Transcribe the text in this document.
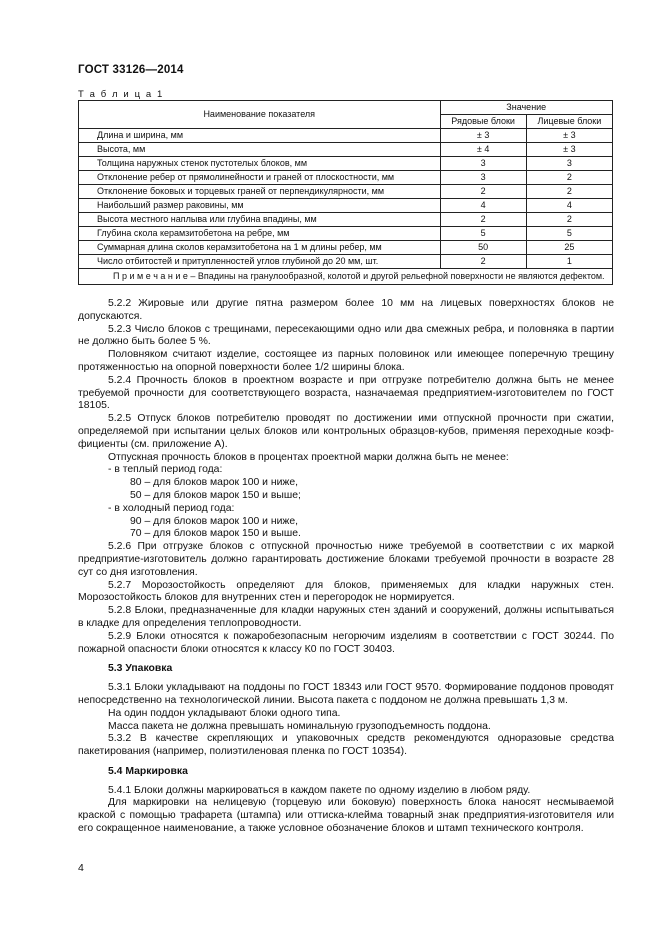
ГОСТ 33126—2014
Т а б л и ц а 1
Наименование показателя	Значение	
	Рядовые блоки	Лицевые блоки
Длина и ширина, мм	± 3	± 3
Высота, мм	± 4	± 3
Толщина наружных стенок пустотелых блоков, мм	3	3
Отклонение ребер от прямолинейности и граней от плоскостности, мм	3	2
Отклонение боковых и торцевых граней от перпендикулярности, мм	2	2
Наибольший размер раковины, мм	4	4
Высота местного наплыва или глубина впадины, мм	2	2
Глубина скола керамзитобетона на ребре, мм	5	5
Суммарная длина сколов керамзитобетона на 1 м длины ребер, мм	50	25
Число отбитостей и притупленностей углов глубиной до 20 мм, шт.	2	1
П р и м е ч а н и е – Впадины на гранулообразной, колотой и другой рельефной поверхности не являются дефектом.		

5.2.2 Жировые или другие пятна размером более 10 мм на лицевых поверхностях блоков не допускаются.

5.2.3 Число блоков с трещинами, пересекающими одно или два смежных ребра, и половняка в партии не должно быть более 5 %.

Половняком считают изделие, состоящее из парных половинок или имеющее поперечную трещину протяженностью на опорной поверхности более 1/2 ширины блока.

5.2.4 Прочность блоков в проектном возрасте и при отгрузке потребителю должна быть не менее требуемой прочности для соответствующего возраста, назначаемая предприятием-изготовителем по ГОСТ 18105.

5.2.5 Отпуск блоков потребителю проводят по достижении ими отпускной прочности при сжатии, определяемой при испытании целых блоков или контрольных образцов-кубов, применяя переходные коэф-фициенты (см. приложение А).

Отпускная прочность блоков в процентах проектной марки должна быть не менее:

- в теплый период года:

80 – для блоков марок 100 и ниже,

50 – для блоков марок 150 и выше;

- в холодный период года:

90 – для блоков марок 100 и ниже,

70 – для блоков марок 150 и выше.

5.2.6 При отгрузке блоков с отпускной прочностью ниже требуемой в соответствии с их маркой предприятие-изготовитель должно гарантировать достижение блоками требуемой прочности в возрасте 28 сут со дня изготовления.

5.2.7 Морозостойкость определяют для блоков, применяемых для кладки наружных стен. Морозостойкость блоков для внутренних стен и перегородок не нормируется.

5.2.8 Блоки, предназначенные для кладки наружных стен зданий и сооружений, должны испытываться в кладке для определения теплопроводности.

5.2.9 Блоки относятся к пожаробезопасным негорючим изделиям в соответствии с ГОСТ 30244. По пожарной опасности блоки относятся к классу К0 по ГОСТ 30403.

5.3 Упаковка

5.3.1 Блоки укладывают на поддоны по ГОСТ 18343 или ГОСТ 9570. Формирование поддонов проводят непосредственно на технологической линии. Высота пакета с поддоном не должна превышать 1,3 м.

На один поддон укладывают блоки одного типа.

Масса пакета не должна превышать номинальную грузоподъемность поддона.

5.3.2 В качестве скрепляющих и упаковочных средств рекомендуются одноразовые средства пакетирования (например, полиэтиленовая пленка по ГОСТ 10354).

5.4 Маркировка

5.4.1 Блоки должны маркироваться в каждом пакете по одному изделию в любом ряду.

Для маркировки на нелицевую (торцевую или боковую) поверхность блока наносят несмываемой краской с помощью трафарета (штампа) или оттиска-клейма товарный знак предприятия-изготовителя или его сокращенное наименование, а также условное обозначение блоков и штамп технического контроля.

4
